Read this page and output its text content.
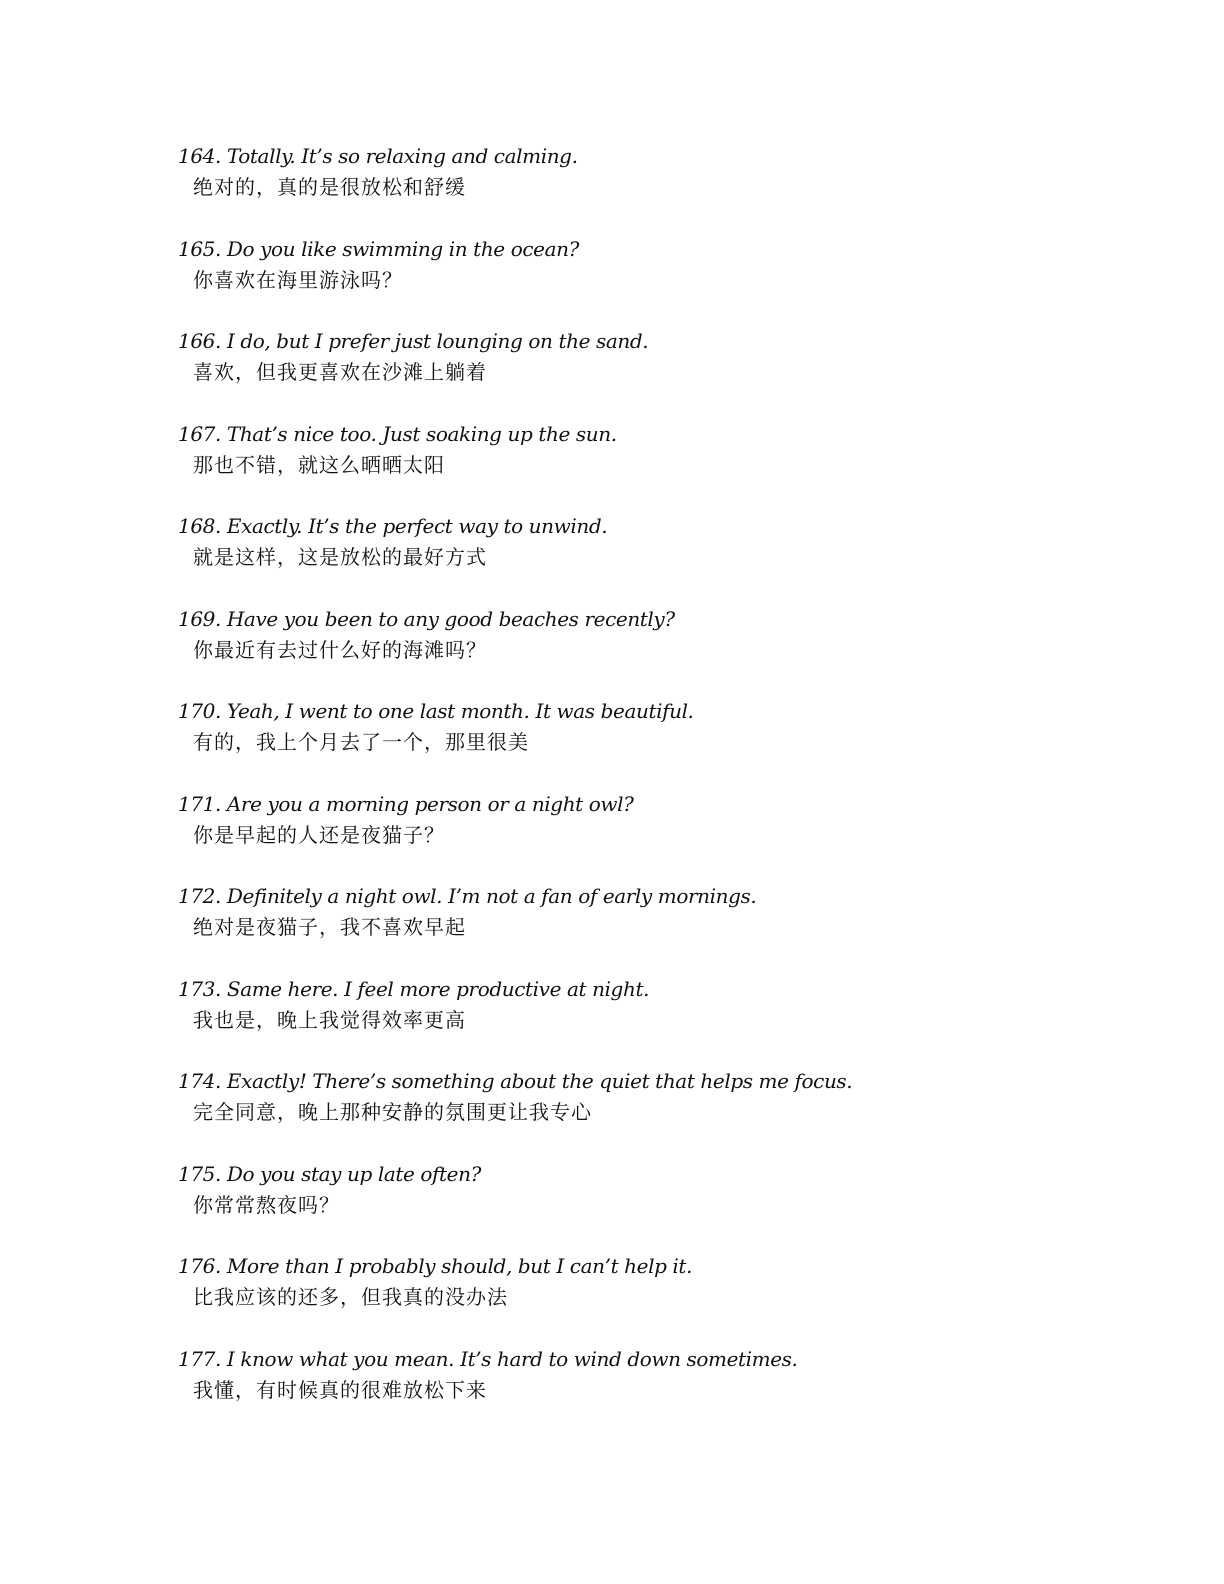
164. Totally. It’s so relaxing and calming.
绝对的，真的是很放松和舒缓
165. Do you like swimming in the ocean?
你喜欢在海里游泳吗？
166. I do, but I prefer just lounging on the sand.
喜欢，但我更喜欢在沙滩上躺着
167. That’s nice too. Just soaking up the sun.
那也不错，就这么晒晒太阳
168. Exactly. It’s the perfect way to unwind.
就是这样，这是放松的最好方式
169. Have you been to any good beaches recently?
你最近有去过什么好的海滩吗？
170. Yeah, I went to one last month. It was beautiful.
有的，我上个月去了一个，那里很美
171. Are you a morning person or a night owl?
你是早起的人还是夜猫子？
172. Definitely a night owl. I’m not a fan of early mornings.
绝对是夜猫子，我不喜欢早起
173. Same here. I feel more productive at night.
我也是，晚上我觉得效率更高
174. Exactly! There’s something about the quiet that helps me focus.
完全同意，晚上那种安静的氛围更让我专心
175. Do you stay up late often?
你常常熬夜吗？
176. More than I probably should, but I can’t help it.
比我应该的还多，但我真的没办法
177. I know what you mean. It’s hard to wind down sometimes.
我懂，有时候真的很难放松下来
